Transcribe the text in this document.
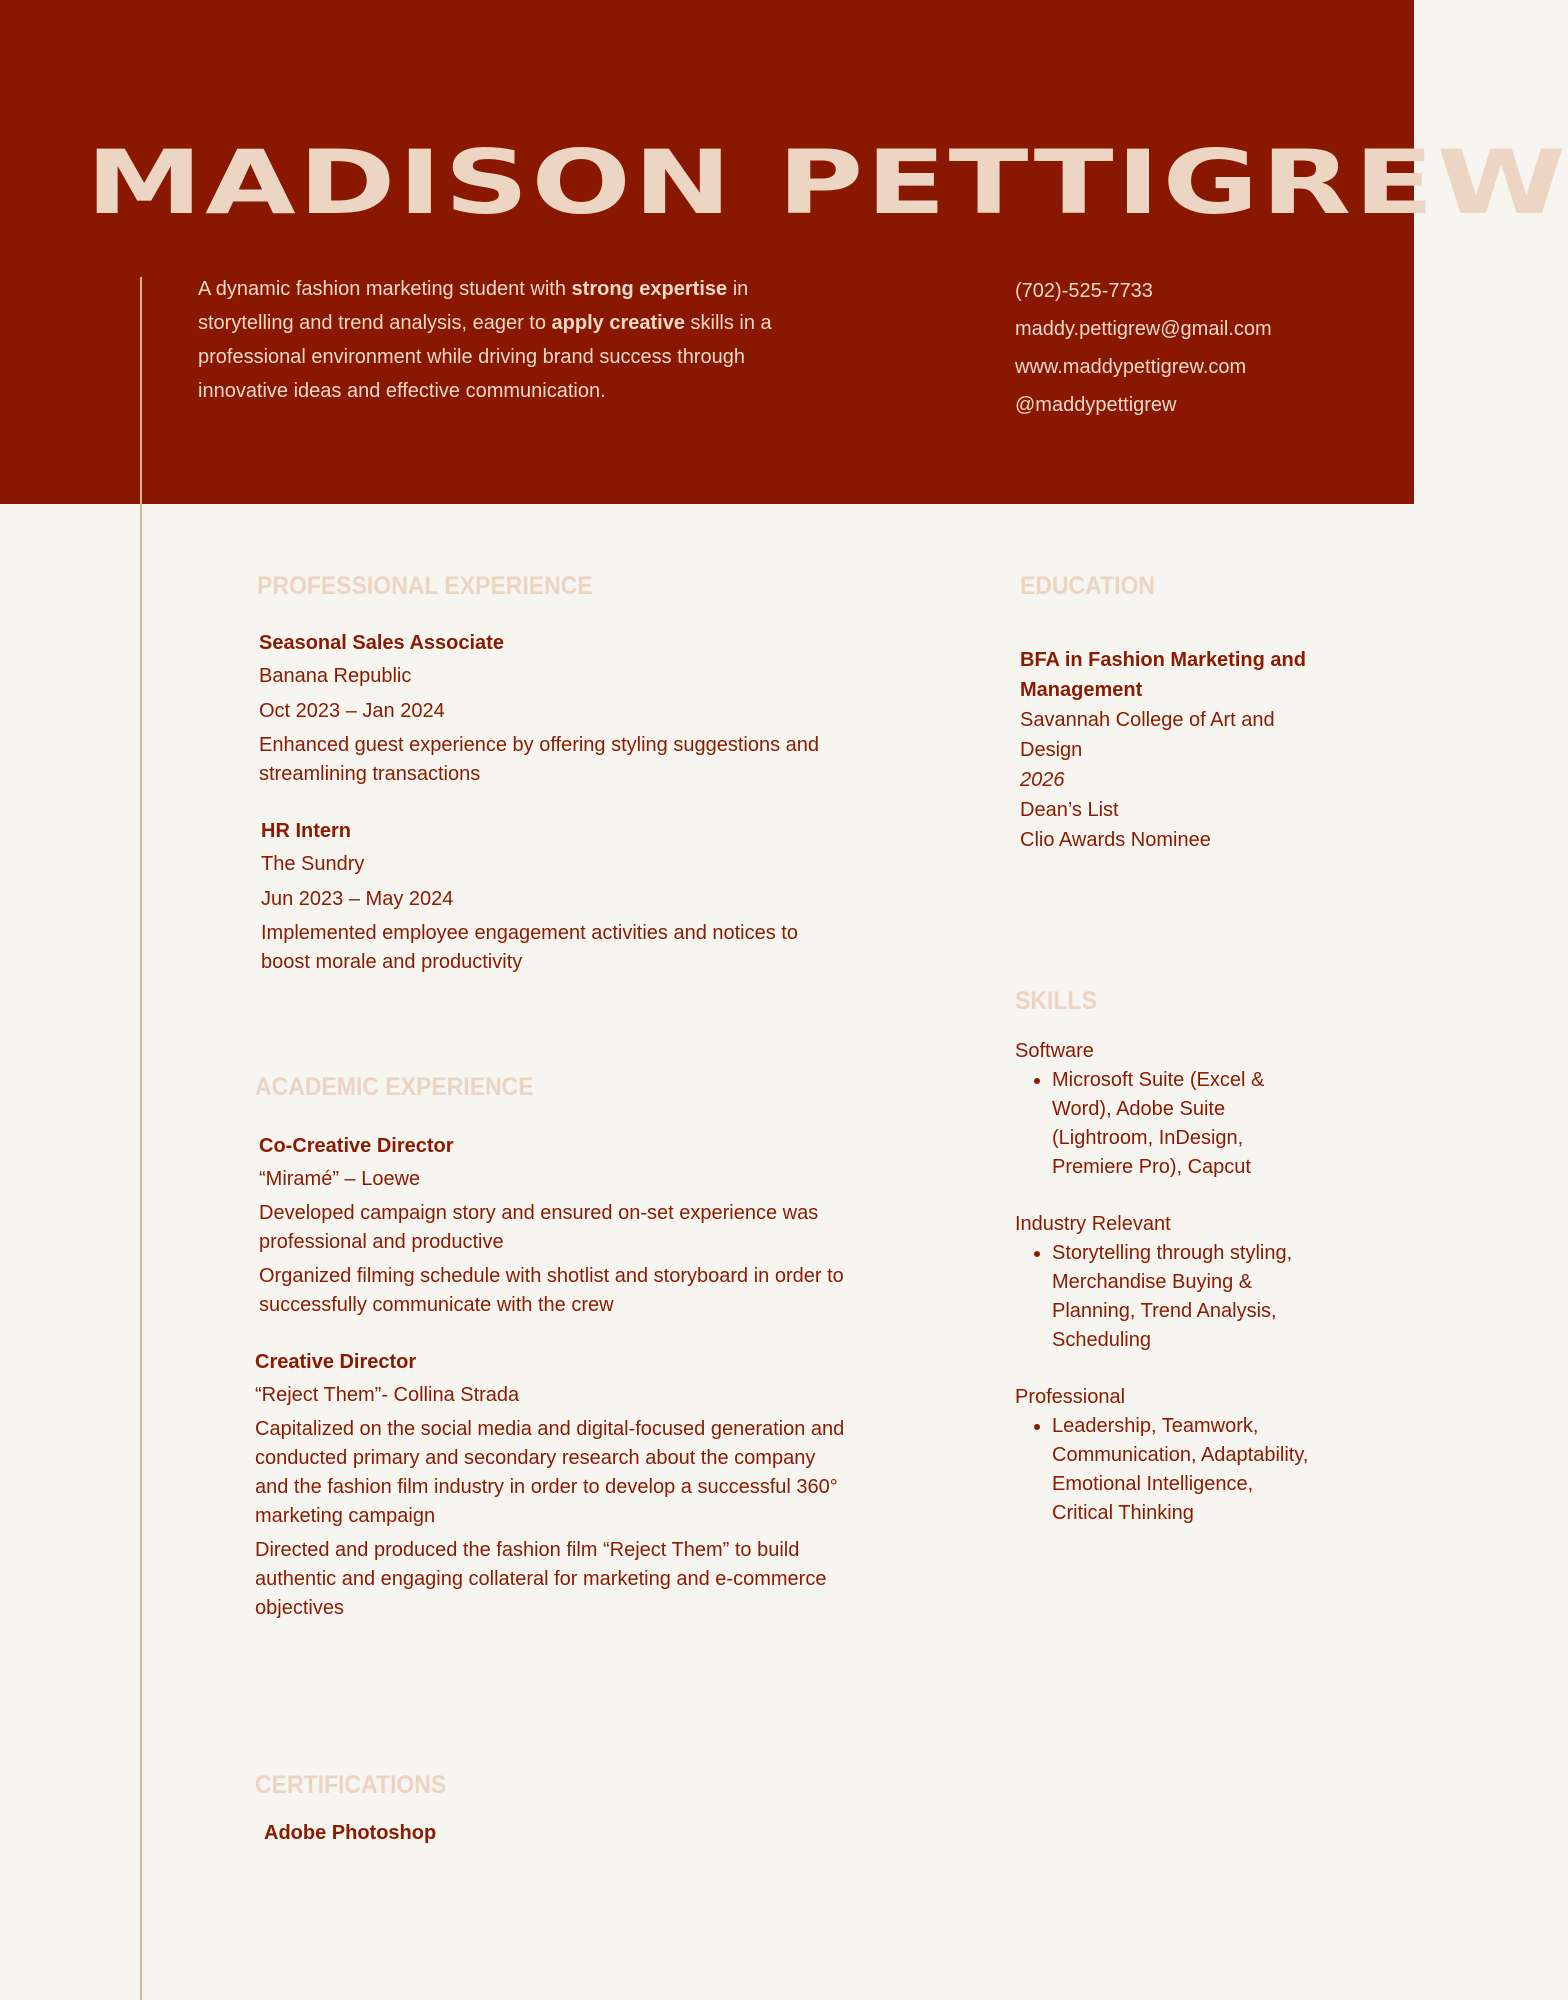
MADISON PETTIGREW

A dynamic fashion marketing student with strong expertise in storytelling and trend analysis, eager to apply creative skills in a professional environment while driving brand success through innovative ideas and effective communication.

(702)-525-7733
maddy.pettigrew@gmail.com
www.maddypettigrew.com
@maddypettigrew
PROFESSIONAL EXPERIENCE
Seasonal Sales Associate
Banana Republic
Oct 2023 – Jan 2024
Enhanced guest experience by offering styling suggestions and streamlining transactions
HR Intern
The Sundry
Jun 2023 – May 2024
Implemented employee engagement activities and notices to boost morale and productivity
ACADEMIC EXPERIENCE
Co-Creative Director
“Miramé” – Loewe
Developed campaign story and ensured on-set experience was professional and productive
Organized filming schedule with shotlist and storyboard in order to successfully communicate with the crew
Creative Director
“Reject Them”- Collina Strada
Capitalized on the social media and digital-focused generation and conducted primary and secondary research about the company and the fashion film industry in order to develop a successful 360° marketing campaign
Directed and produced the fashion film “Reject Them” to build authentic and engaging collateral for marketing and e-commerce objectives
CERTIFICATIONS
Adobe Photoshop
EDUCATION
BFA in Fashion Marketing and Management
Savannah College of Art and Design
2026
Dean’s List
Clio Awards Nominee
SKILLS
Software
• Microsoft Suite (Excel & Word), Adobe Suite (Lightroom, InDesign, Premiere Pro), Capcut
Industry Relevant
• Storytelling through styling, Merchandise Buying & Planning, Trend Analysis, Scheduling
Professional
• Leadership, Teamwork, Communication, Adaptability, Emotional Intelligence, Critical Thinking
